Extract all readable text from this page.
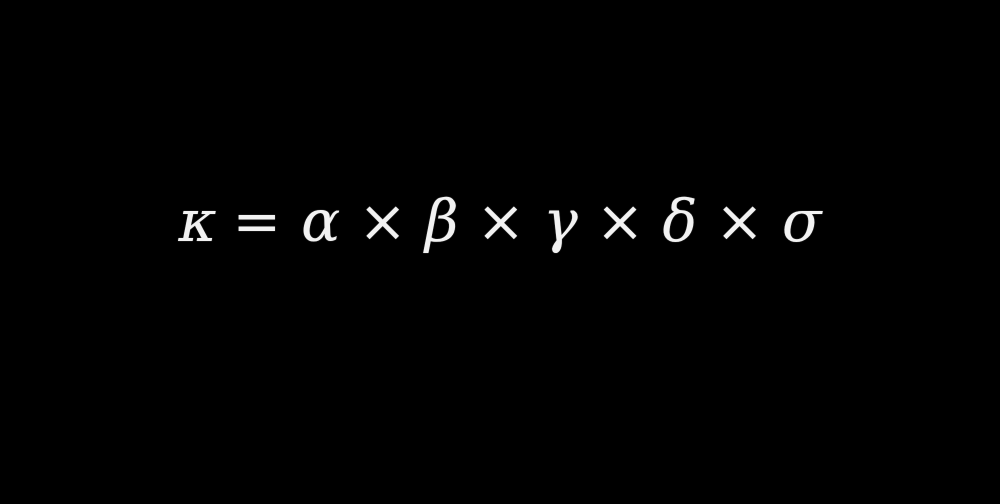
κ = α × β × γ × δ × σ
